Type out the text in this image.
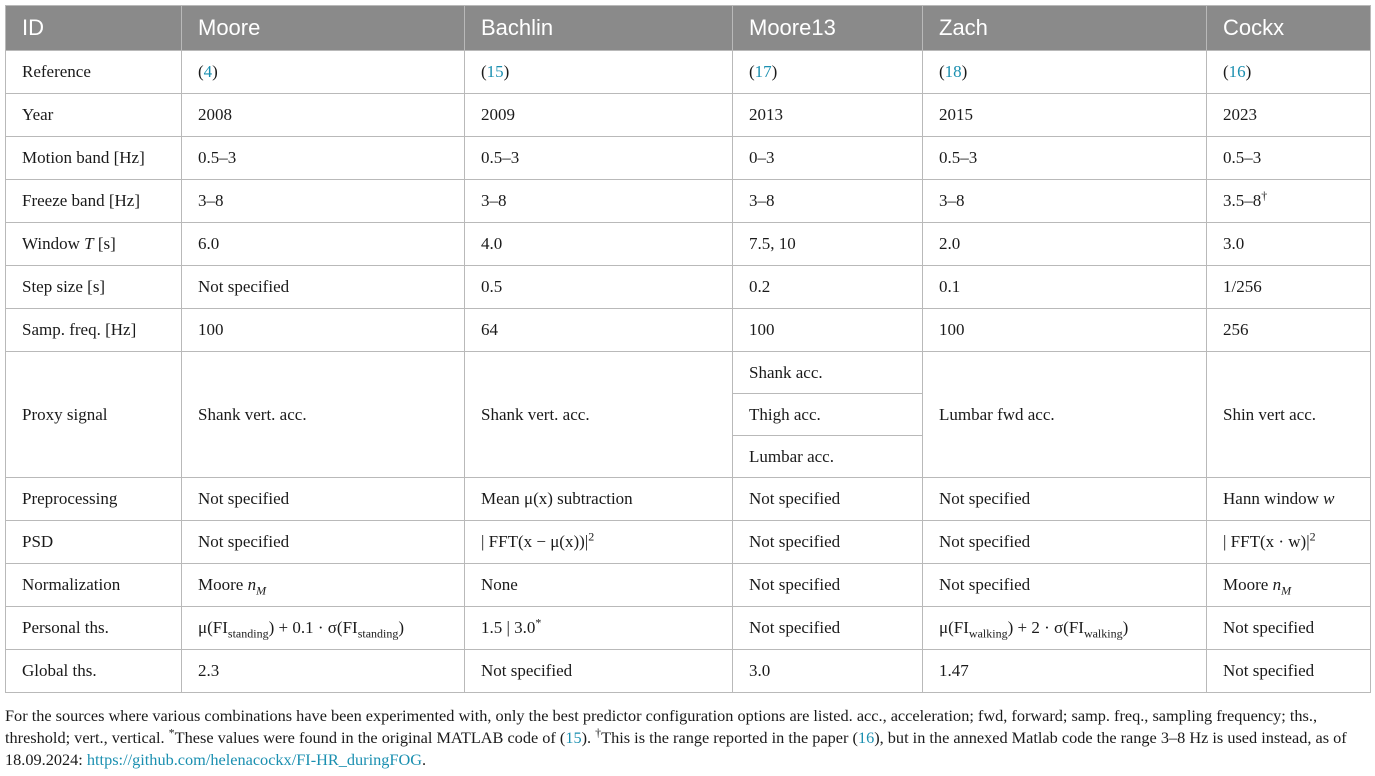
ID	Moore	Bachlin	Moore13	Zach	Cockx
Reference	(4)	(15)	(17)	(18)	(16)
Year	2008	2009	2013	2015	2023
Motion band [Hz]	0.5–3	0.5–3	0–3	0.5–3	0.5–3
Freeze band [Hz]	3–8	3–8	3–8	3–8	3.5–8†
Window T [s]	6.0	4.0	7.5, 10	2.0	3.0
Step size [s]	Not specified	0.5	0.2	0.1	1/256
Samp. freq. [Hz]	100	64	100	100	256
Proxy signal	Shank vert. acc.	Shank vert. acc.	Shank acc.	Lumbar fwd acc.	Shin vert acc.
			Thigh acc.		
			Lumbar acc.		
Preprocessing	Not specified	Mean μ(x) subtraction	Not specified	Not specified	Hann window w
PSD	Not specified	| $FFT(x - \mu(x))|^2$	Not specified	Not specified	| $FFT(x \cdot w)|^2$
Normalization	Moore $n_M$	None	Not specified	Not specified	Moore $n_M$
Personal ths.	$\mu(FI_{standing}) + 0.1 \cdot \sigma(FI_{standing})$	1.5 | 3.0*	Not specified	$\mu(FI_{walking}) + 2 \cdot \sigma(FI_{walking})$	Not specified
Global ths.	2.3	Not specified	3.0	1.47	Not specified
For the sources where various combinations have been experimented with, only the best predictor configuration options are listed. acc., acceleration; fwd, forward; samp. freq., sampling frequency; ths., threshold; vert., vertical. *These values were found in the original MATLAB code of (15). †This is the range reported in the paper (16), but in the annexed Matlab code the range 3–8 Hz is used instead, as of 18.09.2024: https://github.com/helenacockx/FI-HR_duringFOG.
